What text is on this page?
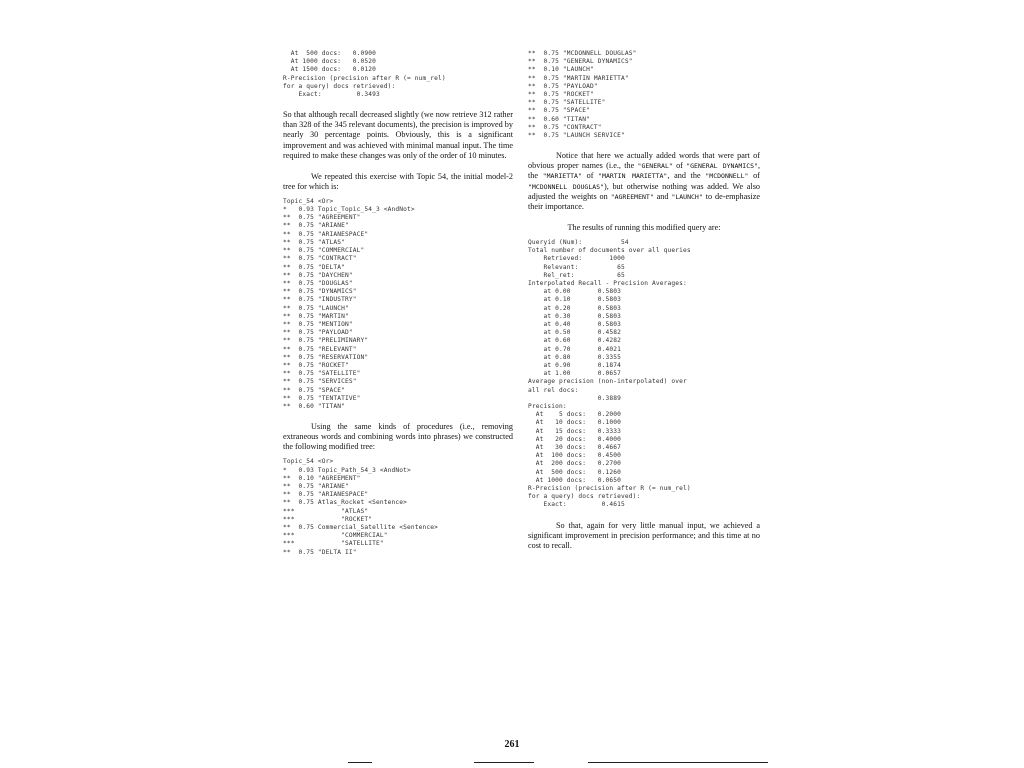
At  500 docs:   0.0900
At 1000 docs:   0.0520
At 1500 docs:   0.0120
R-Precision (precision after R (= num_rel)
for a query) docs retrieved):
Exact:         0.3493

So that although recall decreased slightly (we now retrieve 312 rather than 328 of the 345 relevant documents), the precision is improved by nearly 30 percentage points. Obviously, this is a significant improvement and was achieved with minimal manual input. The time required to make these changes was only of the order of 10 minutes.

We repeated this exercise with Topic 54, the initial model-2 tree for which is:

Topic_54 <Or>
*   0.93 Topic_Topic_54_3 <AndNot>
**  0.75 "AGREEMENT"
**  0.75 "ARIANE"
**  0.75 "ARIANESPACE"
**  0.75 "ATLAS"
**  0.75 "COMMERCIAL"
**  0.75 "CONTRACT"
**  0.75 "DELTA"
**  0.75 "DAYCHEN"
**  0.75 "DOUGLAS"
**  0.75 "DYNAMICS"
**  0.75 "INDUSTRY"
**  0.75 "LAUNCH"
**  0.75 "MARTIN"
**  0.75 "MENTION"
**  0.75 "PAYLOAD"
**  0.75 "PRELIMINARY"
**  0.75 "RELEVANT"
**  0.75 "RESERVATION"
**  0.75 "ROCKET"
**  0.75 "SATELLITE"
**  0.75 "SERVICES"
**  0.75 "SPACE"
**  0.75 "TENTATIVE"
**  0.60 "TITAN"

Using the same kinds of procedures (i.e., removing extraneous words and combining words into phrases) we constructed the following modified tree:

Topic_54 <Or>
*   0.93 Topic_Path_54_3 <AndNot>
**  0.10 "AGREEMENT"
**  0.75 "ARIANE"
**  0.75 "ARIANESPACE"
**  0.75 Atlas_Rocket <Sentence>
***            "ATLAS"
***            "ROCKET"
**  0.75 Commercial_Satellite <Sentence>
***            "COMMERCIAL"
***            "SATELLITE"
**  0.75 "DELTA II"
**  0.75 "MCDONNELL DOUGLAS"
**  0.75 "GENERAL DYNAMICS"
**  0.10 "LAUNCH"
**  0.75 "MARTIN MARIETTA"
**  0.75 "PAYLOAD"
**  0.75 "ROCKET"
**  0.75 "SATELLITE"
**  0.75 "SPACE"
**  0.60 "TITAN"
**  0.75 "CONTRACT"
**  0.75 "LAUNCH SERVICE"

Notice that here we actually added words that were part of obvious proper names (i.e., the "GENERAL" of "GENERAL DYNAMICS", the "MARIETTA" of "MARTIN MARIETTA", and the "MCDONNELL" of "MCDONNELL DOUGLAS"), but otherwise nothing was added. We also adjusted the weights on "AGREEMENT" and "LAUNCH" to de-emphasize their importance.

The results of running this modified query are:

Queryid (Num):          54
Total number of documents over all queries
Retrieved:       1000
Relevant:          65
Rel_ret:           65
Interpolated Recall - Precision Averages:
at 0.00       0.5803
at 0.10       0.5803
at 0.20       0.5803
at 0.30       0.5803
at 0.40       0.5803
at 0.50       0.4582
at 0.60       0.4282
at 0.70       0.4021
at 0.80       0.3355
at 0.90       0.1874
at 1.00       0.0657
Average precision (non-interpolated) over
all rel docs:
0.3889
Precision:
At    5 docs:   0.2000
At   10 docs:   0.1000
At   15 docs:   0.3333
At   20 docs:   0.4000
At   30 docs:   0.4667
At  100 docs:   0.4500
At  200 docs:   0.2700
At  500 docs:   0.1260
At 1000 docs:   0.0650
R-Precision (precision after R (= num_rel)
for a query) docs retrieved):
Exact:         0.4615

So that, again for very little manual input, we achieved a significant improvement in precision performance; and this time at no cost to recall.

261
